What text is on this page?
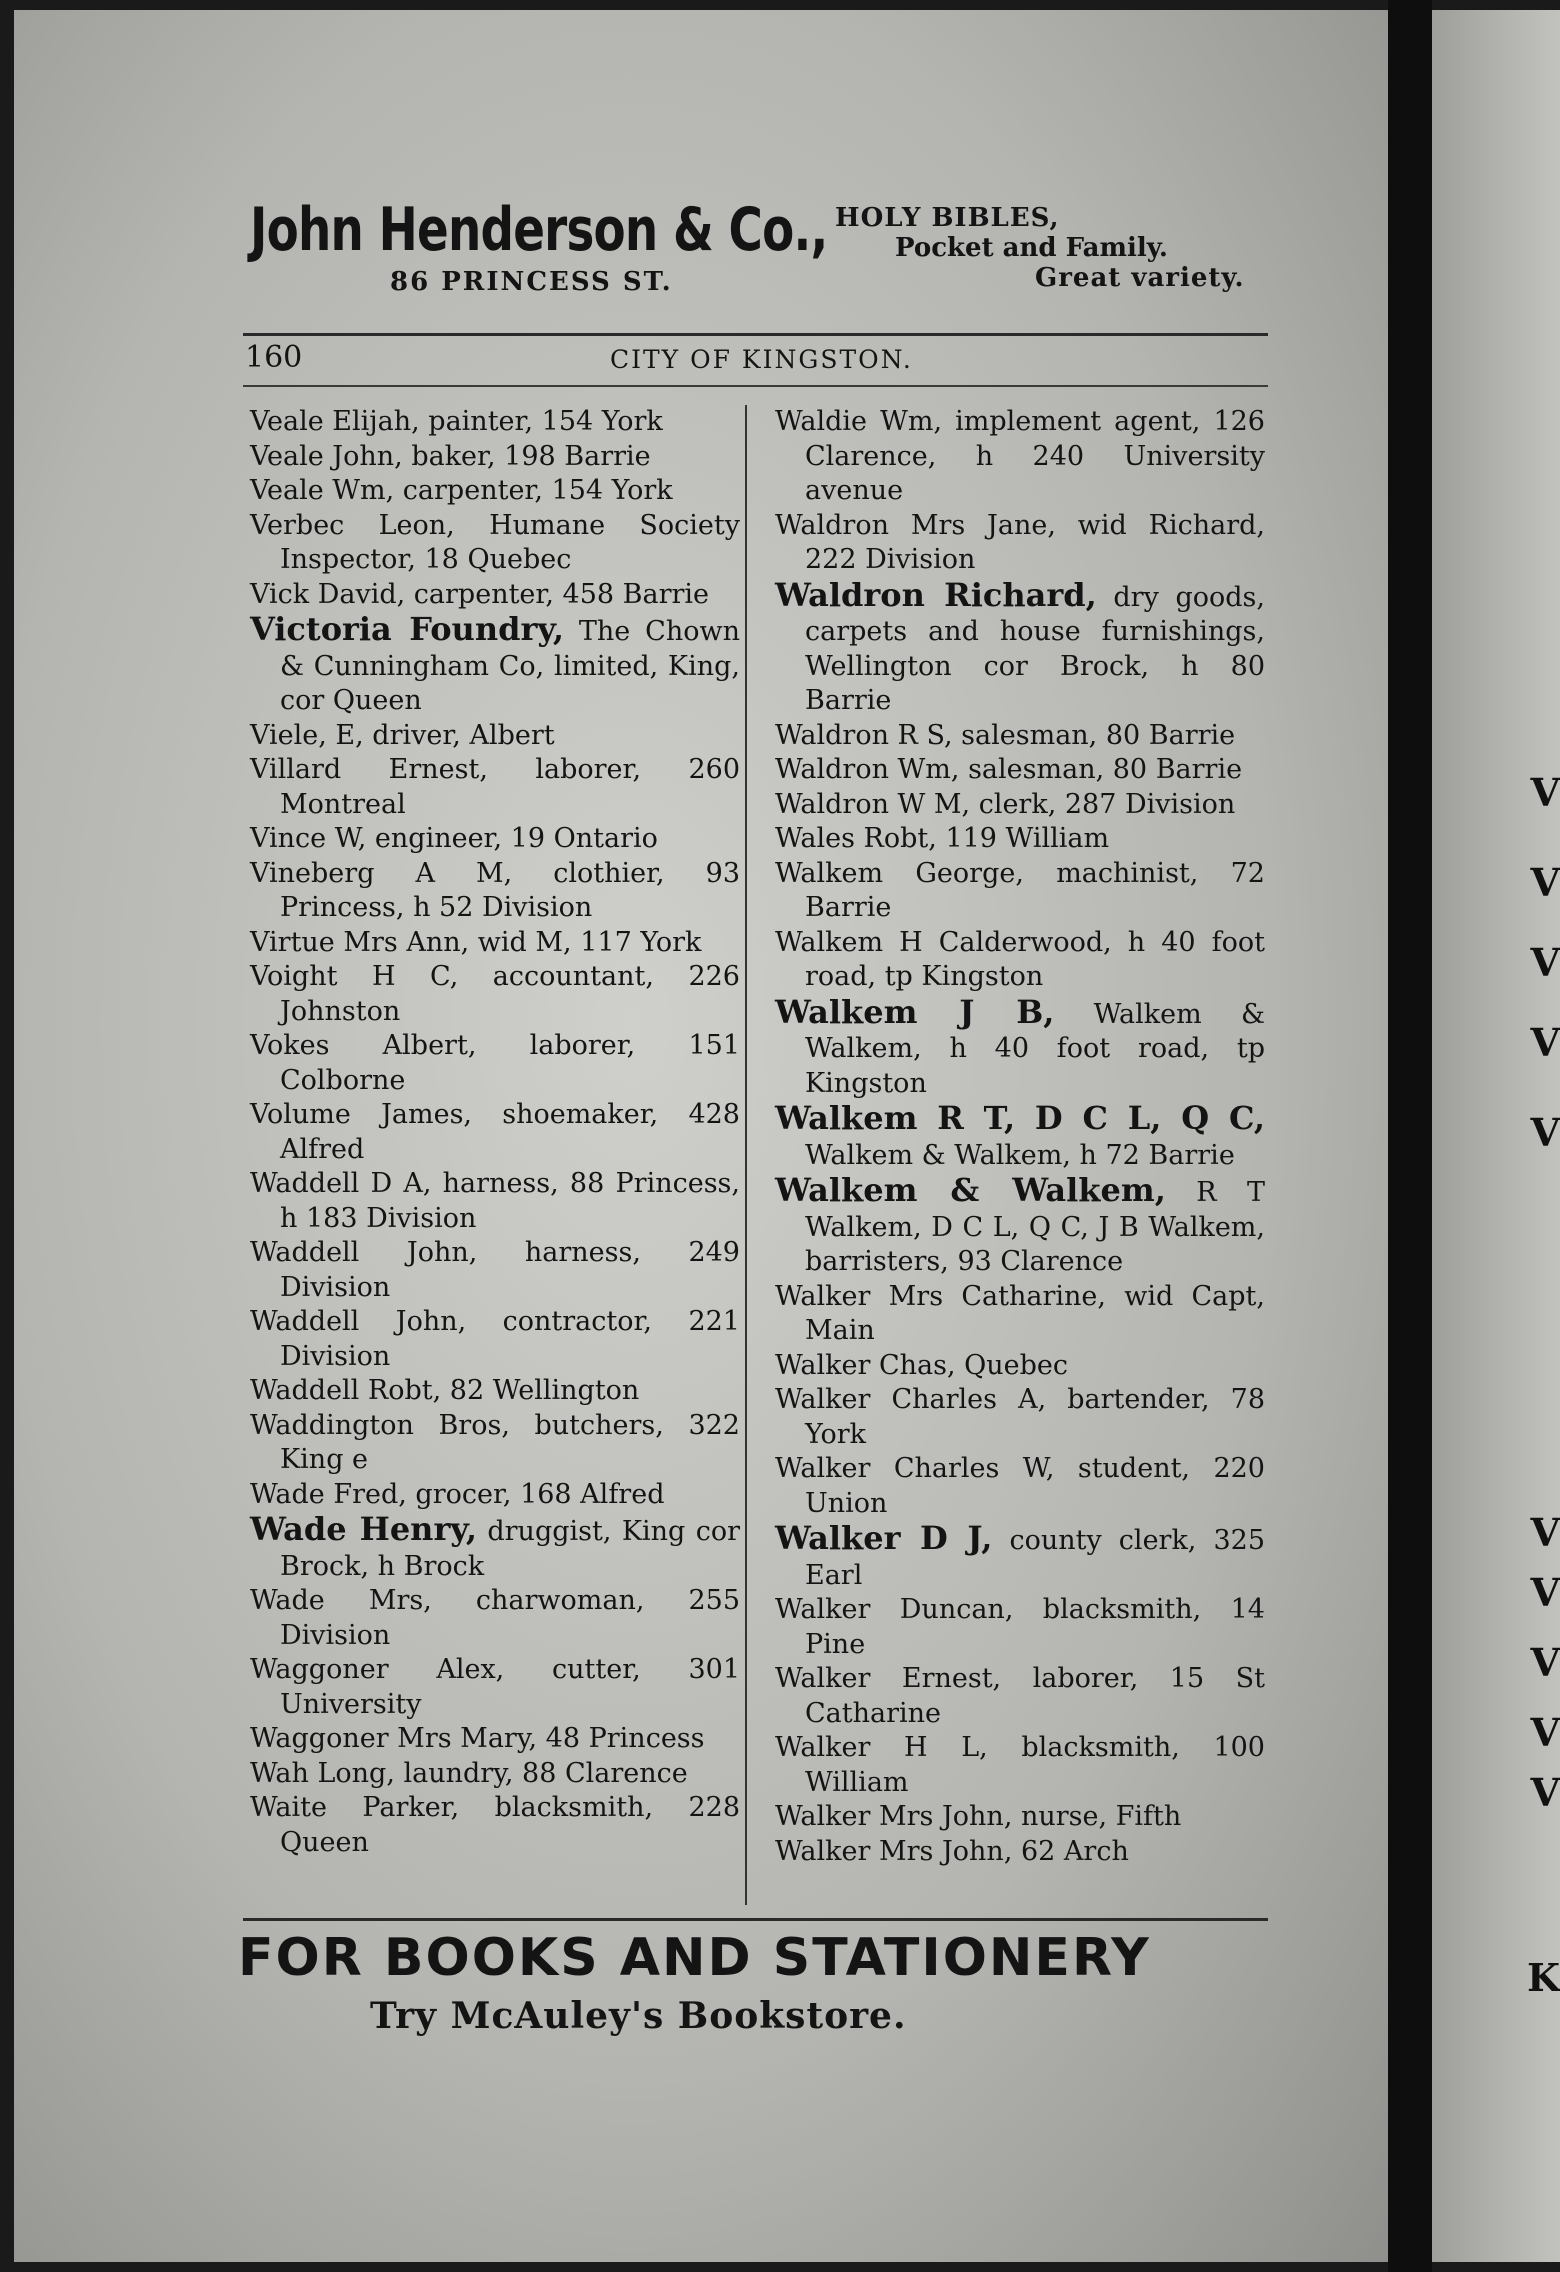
V
V
V
V
V
V
V
V
V
V
K
John Henderson & Co.,
86 PRINCESS ST.
HOLY BIBLES,
Pocket and Family.
Great variety.
160	CITY OF KINGSTON.
Veale Elijah, painter, 154 York
Veale John, baker, 198 Barrie
Veale Wm, carpenter, 154 York
Verbec Leon, Humane Society Inspector, 18 Quebec
Vick David, carpenter, 458 Barrie
Victoria Foundry, The Chown & Cunningham Co, limited, King, cor Queen
Viele, E, driver, Albert
Villard Ernest, laborer, 260 Montreal
Vince W, engineer, 19 Ontario
Vineberg A M, clothier, 93 Princess, h 52 Division
Virtue Mrs Ann, wid M, 117 York
Voight H C, accountant, 226 Johnston
Vokes Albert, laborer, 151 Colborne
Volume James, shoemaker, 428 Alfred
Waddell D A, harness, 88 Princess, h 183 Division
Waddell John, harness, 249 Division
Waddell John, contractor, 221 Division
Waddell Robt, 82 Wellington
Waddington Bros, butchers, 322 King e
Wade Fred, grocer, 168 Alfred
Wade Henry, druggist, King cor Brock, h Brock
Wade Mrs, charwoman, 255 Division
Waggoner Alex, cutter, 301 University
Waggoner Mrs Mary, 48 Princess
Wah Long, laundry, 88 Clarence
Waite Parker, blacksmith, 228 Queen
Waldie Wm, implement agent, 126 Clarence, h 240 University avenue
Waldron Mrs Jane, wid Richard, 222 Division
Waldron Richard, dry goods, carpets and house furnishings, Wellington cor Brock, h 80 Barrie
Waldron R S, salesman, 80 Barrie
Waldron Wm, salesman, 80 Barrie
Waldron W M, clerk, 287 Division
Wales Robt, 119 William
Walkem George, machinist, 72 Barrie
Walkem H Calderwood, h 40 foot road, tp Kingston
Walkem J B, Walkem & Walkem, h 40 foot road, tp Kingston
Walkem R T, D C L, Q C, Walkem & Walkem, h 72 Barrie
Walkem & Walkem, R T Walkem, D C L, Q C, J B Walkem, barristers, 93 Clarence
Walker Mrs Catharine, wid Capt, Main
Walker Chas, Quebec
Walker Charles A, bartender, 78 York
Walker Charles W, student, 220 Union
Walker D J, county clerk, 325 Earl
Walker Duncan, blacksmith, 14 Pine
Walker Ernest, laborer, 15 St Catharine
Walker H L, blacksmith, 100 William
Walker Mrs John, nurse, Fifth
Walker Mrs John, 62 Arch
FOR BOOKS AND STATIONERY
Try McAuley's Bookstore.
